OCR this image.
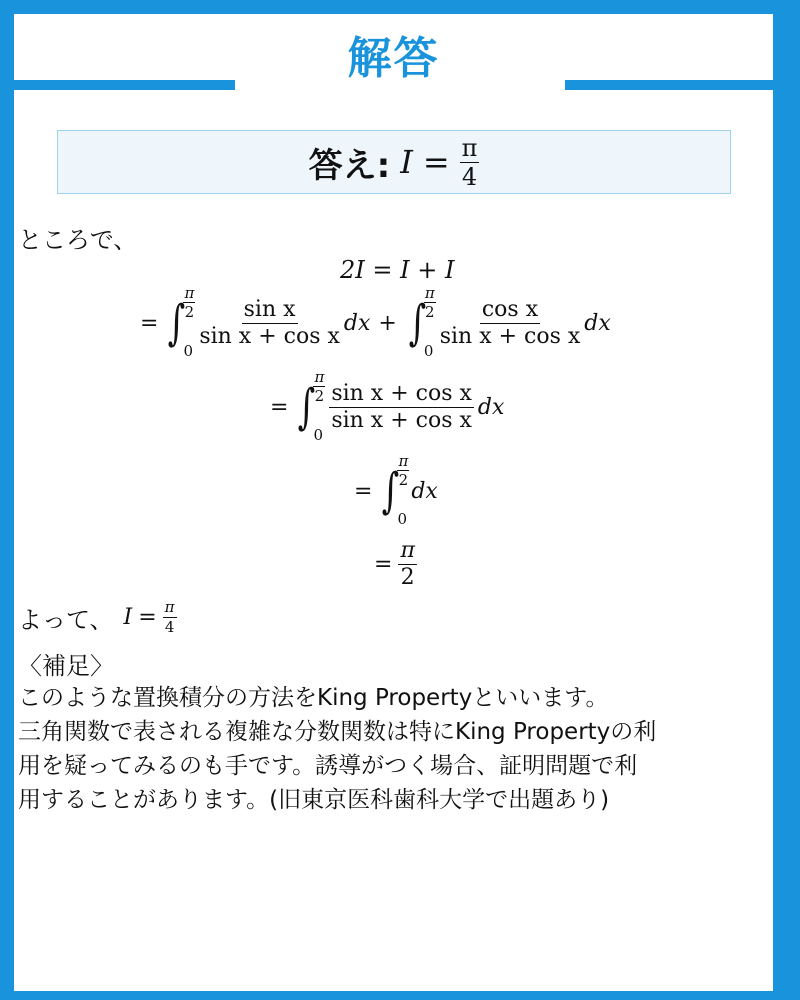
解答
答え: $I = \frac{\pi}{4}$
ところで、
2I = I + I
= ∫
$\frac{\pi}{2}$
0
$\frac{\text{sin x}}{\text{sin x + cos x}}$ dx + ∫
$\frac{\pi}{2}$
0
$\frac{\text{cos x}}{\text{sin x + cos x}}$ dx
= ∫
$\frac{\pi}{2}$
0
$\frac{\text{sin x + cos x}}{\text{sin x + cos x}}$ dx
= ∫
$\frac{\pi}{2}$
0
dx
= $\frac{\pi}{2}$
よって、 $I = \frac{\pi}{4}$
〈補足〉
このような置換積分の方法をKing Propertyといいます。
三角関数で表される複雑な分数関数は特にKing Propertyの利
用を疑ってみるのも手です。誘導がつく場合、証明問題で利
用することがあります。(旧東京医科歯科大学で出題あり)
